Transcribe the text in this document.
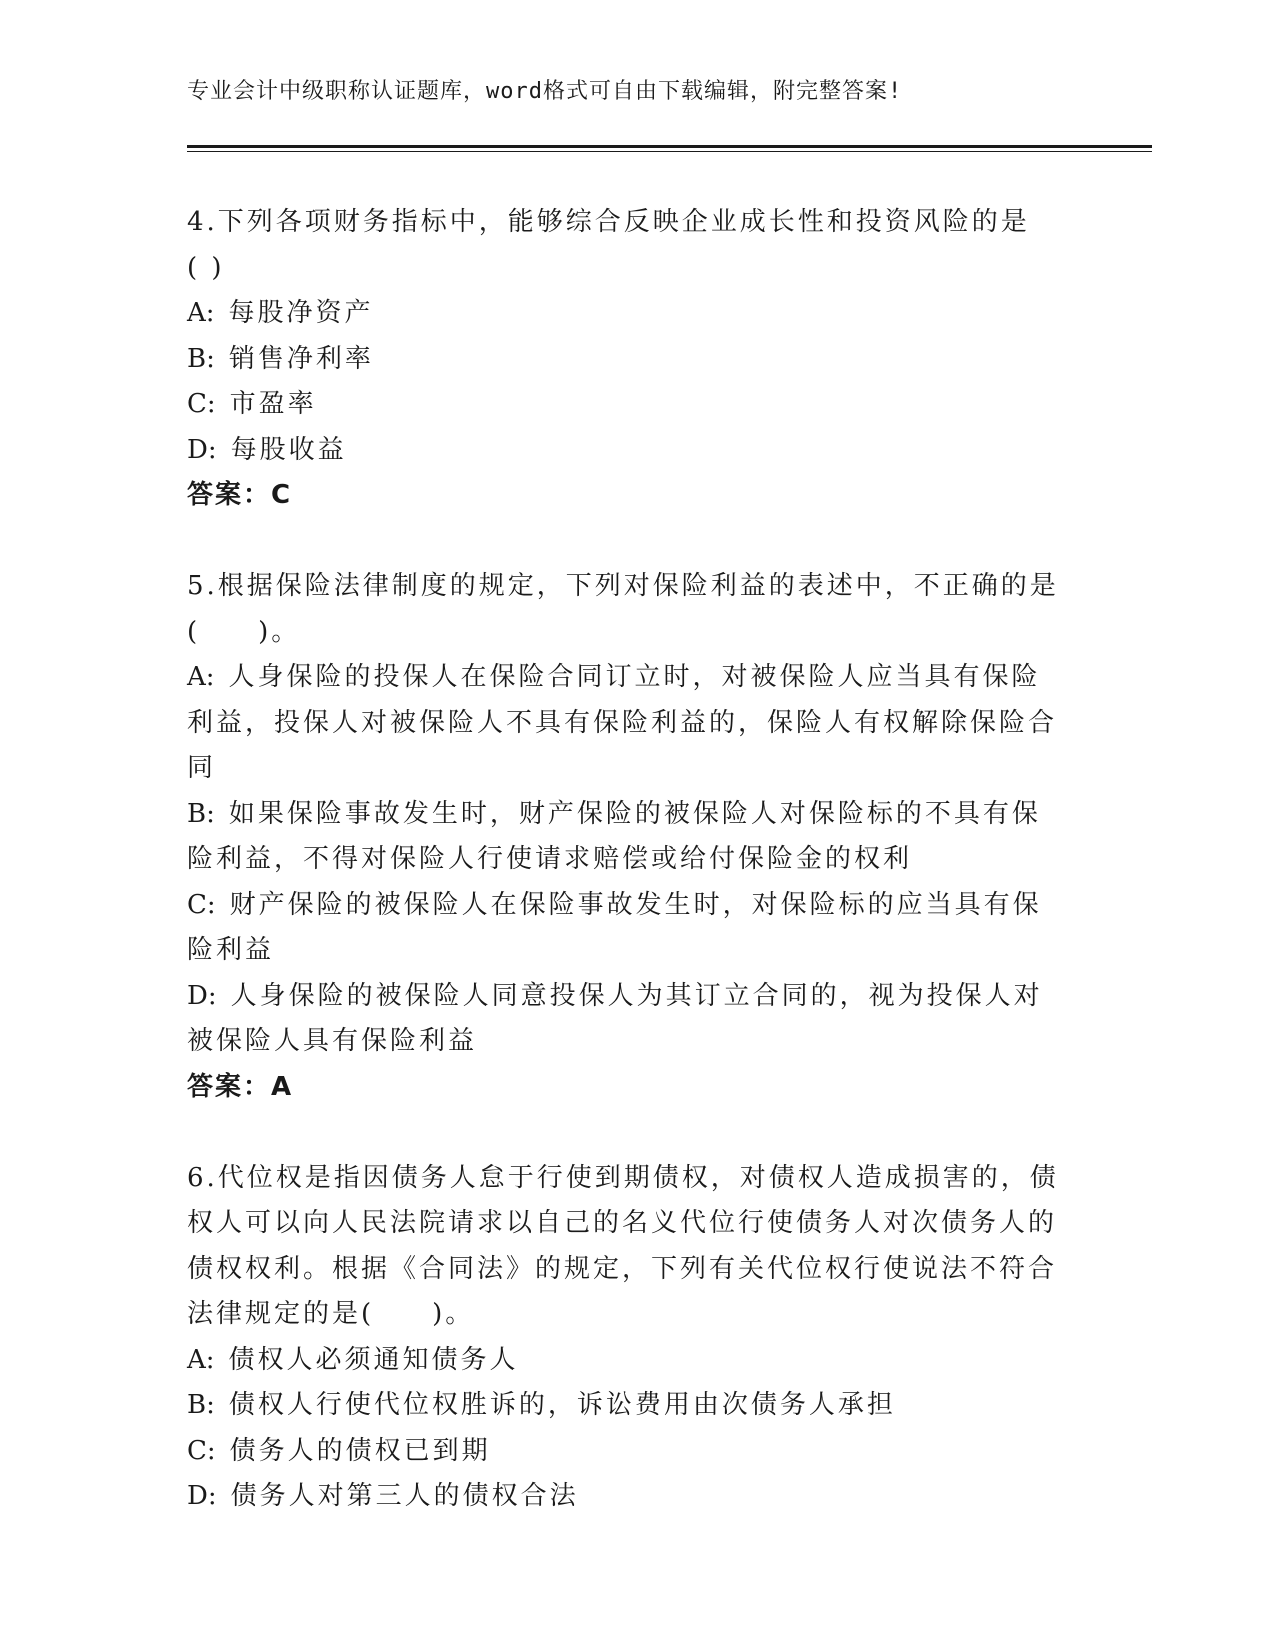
专业会计中级职称认证题库，word格式可自由下载编辑，附完整答案!

4.下列各项财务指标中，能够综合反映企业成长性和投资风险的是( )

A: 每股净资产

B: 销售净利率

C: 市盈率

D: 每股收益

答案：C

5.根据保险法律制度的规定，下列对保险利益的表述中，不正确的是(　　)。

A: 人身保险的投保人在保险合同订立时，对被保险人应当具有保险利益，投保人对被保险人不具有保险利益的，保险人有权解除保险合同

B: 如果保险事故发生时，财产保险的被保险人对保险标的不具有保险利益，不得对保险人行使请求赔偿或给付保险金的权利

C: 财产保险的被保险人在保险事故发生时，对保险标的应当具有保险利益

D: 人身保险的被保险人同意投保人为其订立合同的，视为投保人对被保险人具有保险利益

答案：A

6.代位权是指因债务人怠于行使到期债权，对债权人造成损害的，债权人可以向人民法院请求以自己的名义代位行使债务人对次债务人的债权权利。根据《合同法》的规定，下列有关代位权行使说法不符合法律规定的是(　　)。

A: 债权人必须通知债务人

B: 债权人行使代位权胜诉的，诉讼费用由次债务人承担

C: 债务人的债权已到期

D: 债务人对第三人的债权合法
